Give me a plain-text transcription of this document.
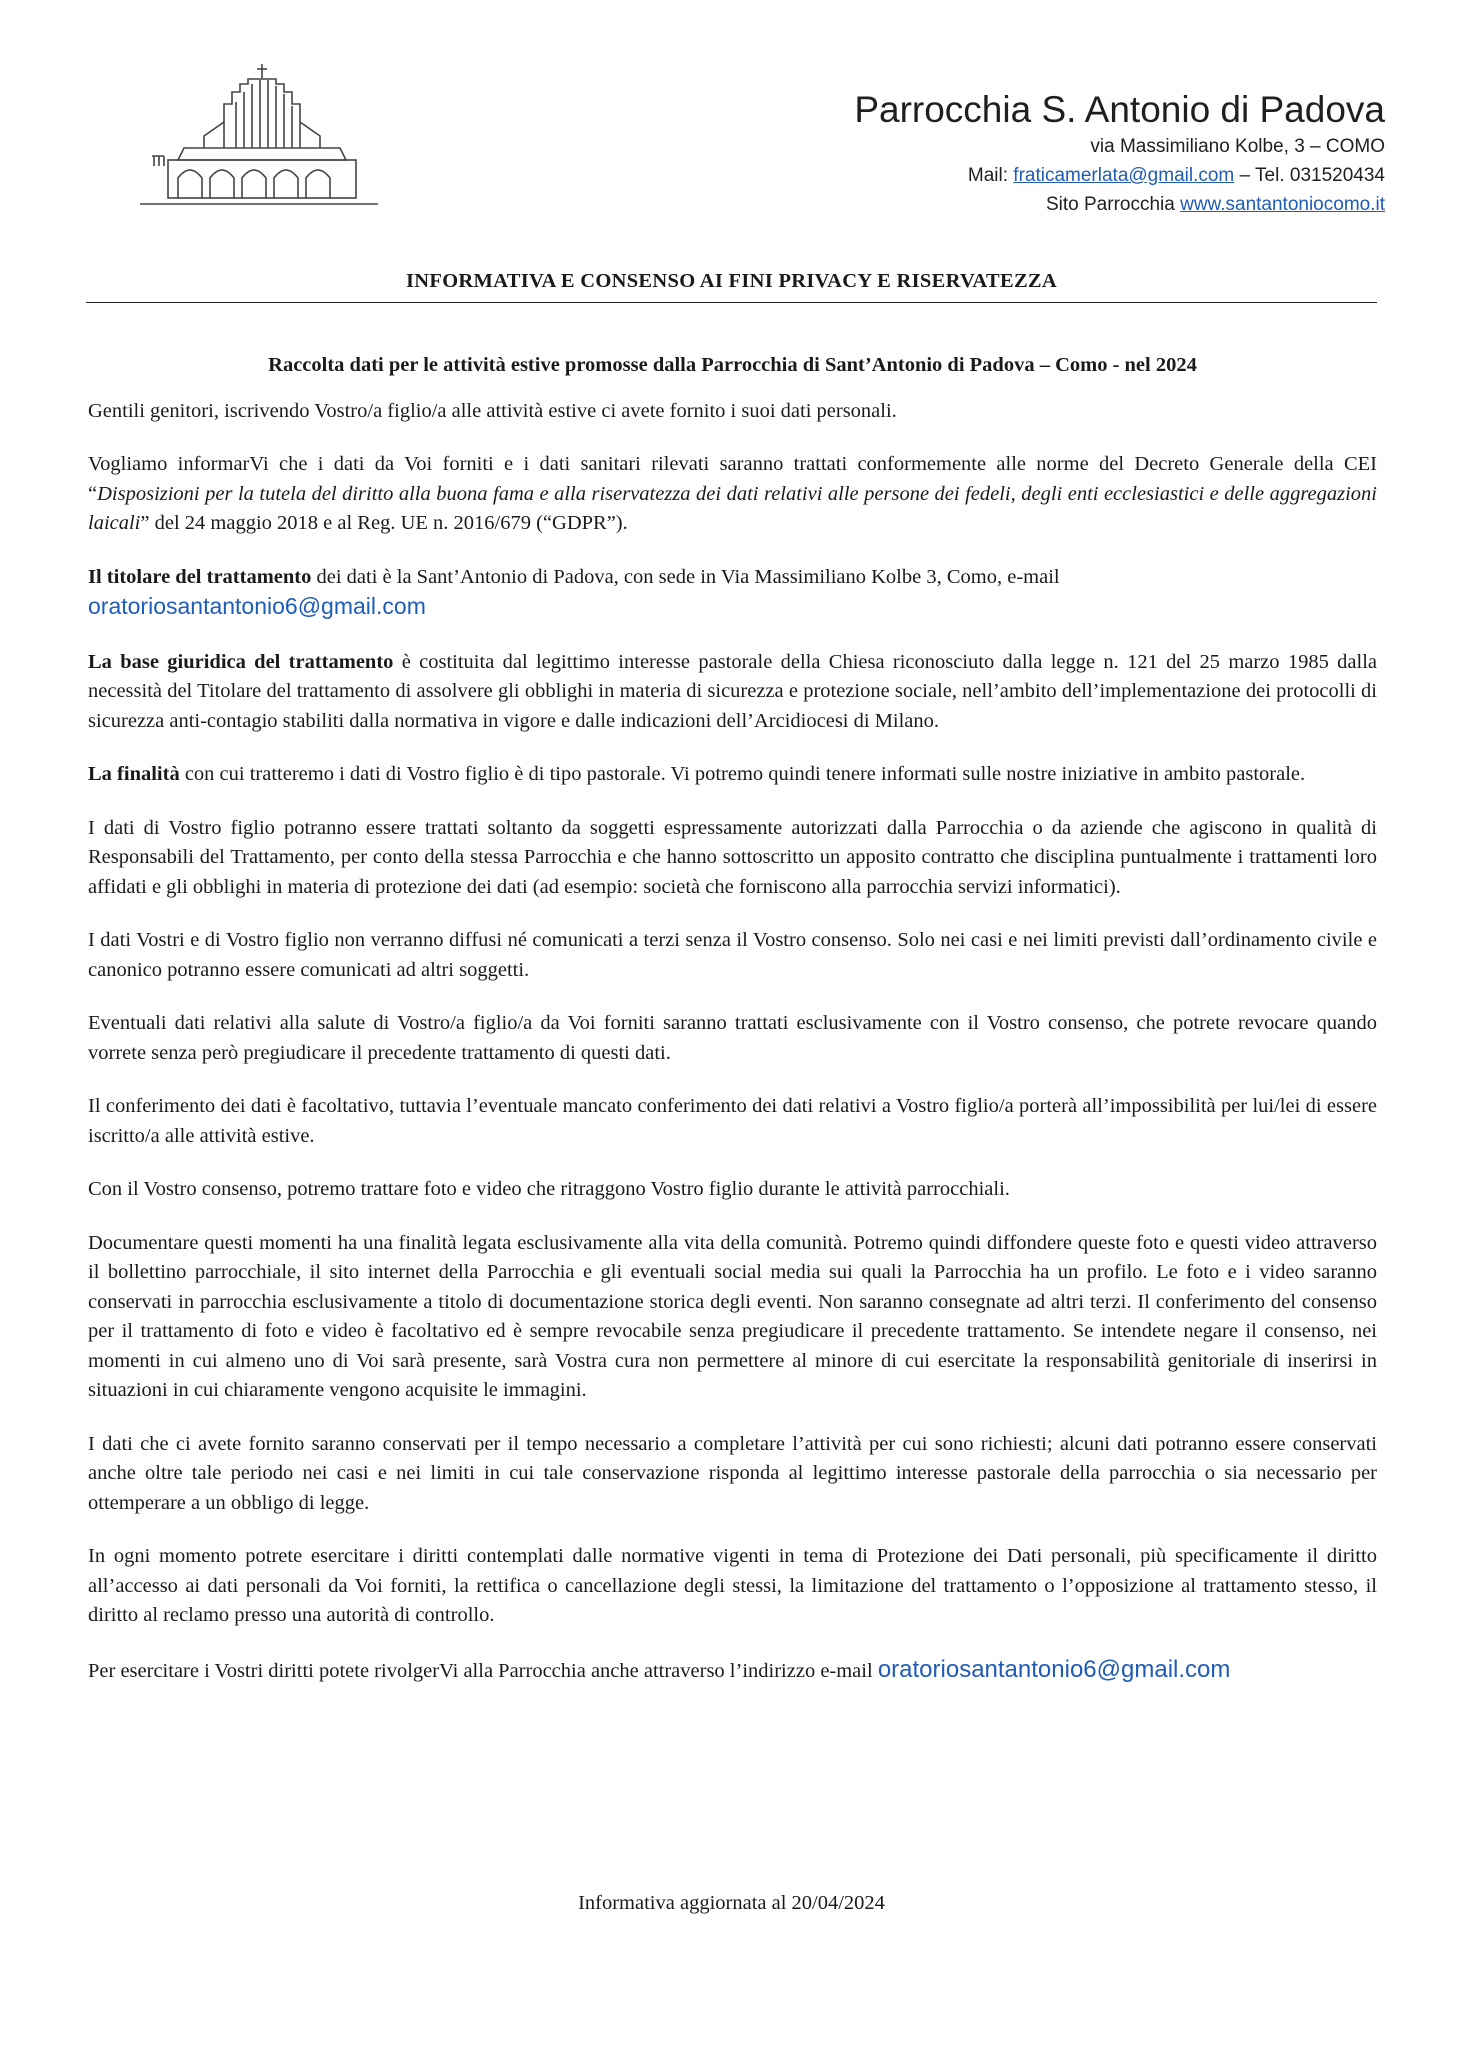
Parrocchia S. Antonio di Padova
via Massimiliano Kolbe, 3 – COMO
Mail: fraticamerlata@gmail.com – Tel. 031520434
Sito Parrocchia www.santantoniocomo.it
INFORMATIVA E CONSENSO AI FINI PRIVACY E RISERVATEZZA

Raccolta dati per le attività estive promosse dalla Parrocchia di Sant’Antonio di Padova – Como - nel 2024

Gentili genitori, iscrivendo Vostro/a figlio/a alle attività estive ci avete fornito i suoi dati personali.

Vogliamo informarVi che i dati da Voi forniti e i dati sanitari rilevati saranno trattati conformemente alle norme del Decreto Generale della CEI “Disposizioni per la tutela del diritto alla buona fama e alla riservatezza dei dati relativi alle persone dei fedeli, degli enti ecclesiastici e delle aggregazioni laicali” del 24 maggio 2018 e al Reg. UE n. 2016/679 (“GDPR”).

Il titolare del trattamento dei dati è la Sant’Antonio di Padova, con sede in Via Massimiliano Kolbe 3, Como, e-mail
oratoriosantantonio6@gmail.com

La base giuridica del trattamento è costituita dal legittimo interesse pastorale della Chiesa riconosciuto dalla legge n. 121 del 25 marzo 1985 dalla necessità del Titolare del trattamento di assolvere gli obblighi in materia di sicurezza e protezione sociale, nell’ambito dell’implementazione dei protocolli di sicurezza anti-contagio stabiliti dalla normativa in vigore e dalle indicazioni dell’Arcidiocesi di Milano.

La finalità con cui tratteremo i dati di Vostro figlio è di tipo pastorale. Vi potremo quindi tenere informati sulle nostre iniziative in ambito pastorale.

I dati di Vostro figlio potranno essere trattati soltanto da soggetti espressamente autorizzati dalla Parrocchia o da aziende che agiscono in qualità di Responsabili del Trattamento, per conto della stessa Parrocchia e che hanno sottoscritto un apposito contratto che disciplina puntualmente i trattamenti loro affidati e gli obblighi in materia di protezione dei dati (ad esempio: società che forniscono alla parrocchia servizi informatici).

I dati Vostri e di Vostro figlio non verranno diffusi né comunicati a terzi senza il Vostro consenso. Solo nei casi e nei limiti previsti dall’ordinamento civile e canonico potranno essere comunicati ad altri soggetti.

Eventuali dati relativi alla salute di Vostro/a figlio/a da Voi forniti saranno trattati esclusivamente con il Vostro consenso, che potrete revocare quando vorrete senza però pregiudicare il precedente trattamento di questi dati.

Il conferimento dei dati è facoltativo, tuttavia l’eventuale mancato conferimento dei dati relativi a Vostro figlio/a porterà all’impossibilità per lui/lei di essere iscritto/a alle attività estive.

Con il Vostro consenso, potremo trattare foto e video che ritraggono Vostro figlio durante le attività parrocchiali.

Documentare questi momenti ha una finalità legata esclusivamente alla vita della comunità. Potremo quindi diffondere queste foto e questi video attraverso il bollettino parrocchiale, il sito internet della Parrocchia e gli eventuali social media sui quali la Parrocchia ha un profilo. Le foto e i video saranno conservati in parrocchia esclusivamente a titolo di documentazione storica degli eventi. Non saranno consegnate ad altri terzi. Il conferimento del consenso per il trattamento di foto e video è facoltativo ed è sempre revocabile senza pregiudicare il precedente trattamento. Se intendete negare il consenso, nei momenti in cui almeno uno di Voi sarà presente, sarà Vostra cura non permettere al minore di cui esercitate la responsabilità genitoriale di inserirsi in situazioni in cui chiaramente vengono acquisite le immagini.

I dati che ci avete fornito saranno conservati per il tempo necessario a completare l’attività per cui sono richiesti; alcuni dati potranno essere conservati anche oltre tale periodo nei casi e nei limiti in cui tale conservazione risponda al legittimo interesse pastorale della parrocchia o sia necessario per ottemperare a un obbligo di legge.

In ogni momento potrete esercitare i diritti contemplati dalle normative vigenti in tema di Protezione dei Dati personali, più specificamente il diritto all’accesso ai dati personali da Voi forniti, la rettifica o cancellazione degli stessi, la limitazione del trattamento o l’opposizione al trattamento stesso, il diritto al reclamo presso una autorità di controllo.

Per esercitare i Vostri diritti potete rivolgerVi alla Parrocchia anche attraverso l’indirizzo e-mail oratoriosantantonio6@gmail.com

Informativa aggiornata al 20/04/2024
